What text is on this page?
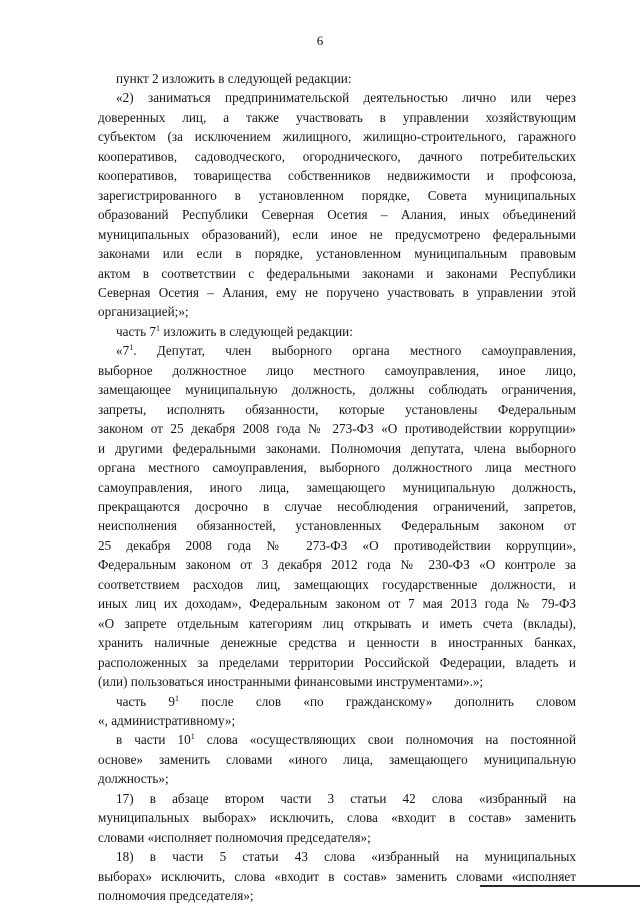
6
пункт 2 изложить в следующей редакции:
«2) заниматься предпринимательской деятельностью лично или через
доверенных лиц, а также участвовать в управлении хозяйствующим
субъектом (за исключением жилищного, жилищно-строительного, гаражного
кооперативов, садоводческого, огороднического, дачного потребительских
кооперативов, товарищества собственников недвижимости и профсоюза,
зарегистрированного в установленном порядке, Совета муниципальных
образований Республики Северная Осетия – Алания, иных объединений
муниципальных образований), если иное не предусмотрено федеральными
законами или если в порядке, установленном муниципальным правовым
актом в соответствии с федеральными законами и законами Республики
Северная Осетия – Алания, ему не поручено участвовать в управлении этой
организацией;»;
часть $7^1$ изложить в следующей редакции:
«$7^1$. Депутат, член выборного органа местного самоуправления,
выборное должностное лицо местного самоуправления, иное лицо,
замещающее муниципальную должность, должны соблюдать ограничения,
запреты, исполнять обязанности, которые установлены Федеральным
законом от 25 декабря 2008 года № 273-ФЗ «О противодействии коррупции»
и другими федеральными законами. Полномочия депутата, члена выборного
органа местного самоуправления, выборного должностного лица местного
самоуправления, иного лица, замещающего муниципальную должность,
прекращаются досрочно в случае несоблюдения ограничений, запретов,
неисполнения обязанностей, установленных Федеральным законом от
25 декабря 2008 года № 273-ФЗ «О противодействии коррупции»,
Федеральным законом от 3 декабря 2012 года № 230-ФЗ «О контроле за
соответствием расходов лиц, замещающих государственные должности, и
иных лиц их доходам», Федеральным законом от 7 мая 2013 года № 79-ФЗ
«О запрете отдельным категориям лиц открывать и иметь счета (вклады),
хранить наличные денежные средства и ценности в иностранных банках,
расположенных за пределами территории Российской Федерации, владеть и
(или) пользоваться иностранными финансовыми инструментами».»;
часть $9^1$ после слов «по гражданскому» дополнить словом
«, административному»;
в части $10^1$ слова «осуществляющих свои полномочия на постоянной
основе» заменить словами «иного лица, замещающего муниципальную
должность»;
17) в абзаце втором части 3 статьи 42 слова «избранный на
муниципальных выборах» исключить, слова «входит в состав» заменить
словами «исполняет полномочия председателя»;
18) в части 5 статьи 43 слова «избранный на муниципальных
выборах» исключить, слова «входит в состав» заменить словами «исполняет
полномочия председателя»;
